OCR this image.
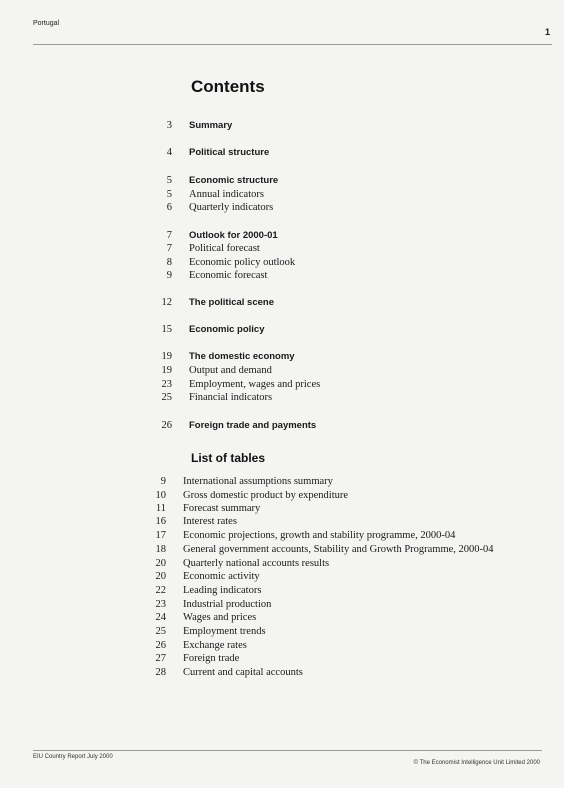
Portugal
1
Contents
3 Summary
4 Political structure
5 Economic structure
5 Annual indicators
6 Quarterly indicators
7 Outlook for 2000-01
7 Political forecast
8 Economic policy outlook
9 Economic forecast
12 The political scene
15 Economic policy
19 The domestic economy
19 Output and demand
23 Employment, wages and prices
25 Financial indicators
26 Foreign trade and payments
List of tables
9 International assumptions summary
10 Gross domestic product by expenditure
11 Forecast summary
16 Interest rates
17 Economic projections, growth and stability programme, 2000-04
18 General government accounts, Stability and Growth Programme, 2000-04
20 Quarterly national accounts results
20 Economic activity
22 Leading indicators
23 Industrial production
24 Wages and prices
25 Employment trends
26 Exchange rates
27 Foreign trade
28 Current and capital accounts
EIU Country Report July 2000
© The Economist Intelligence Unit Limited 2000
